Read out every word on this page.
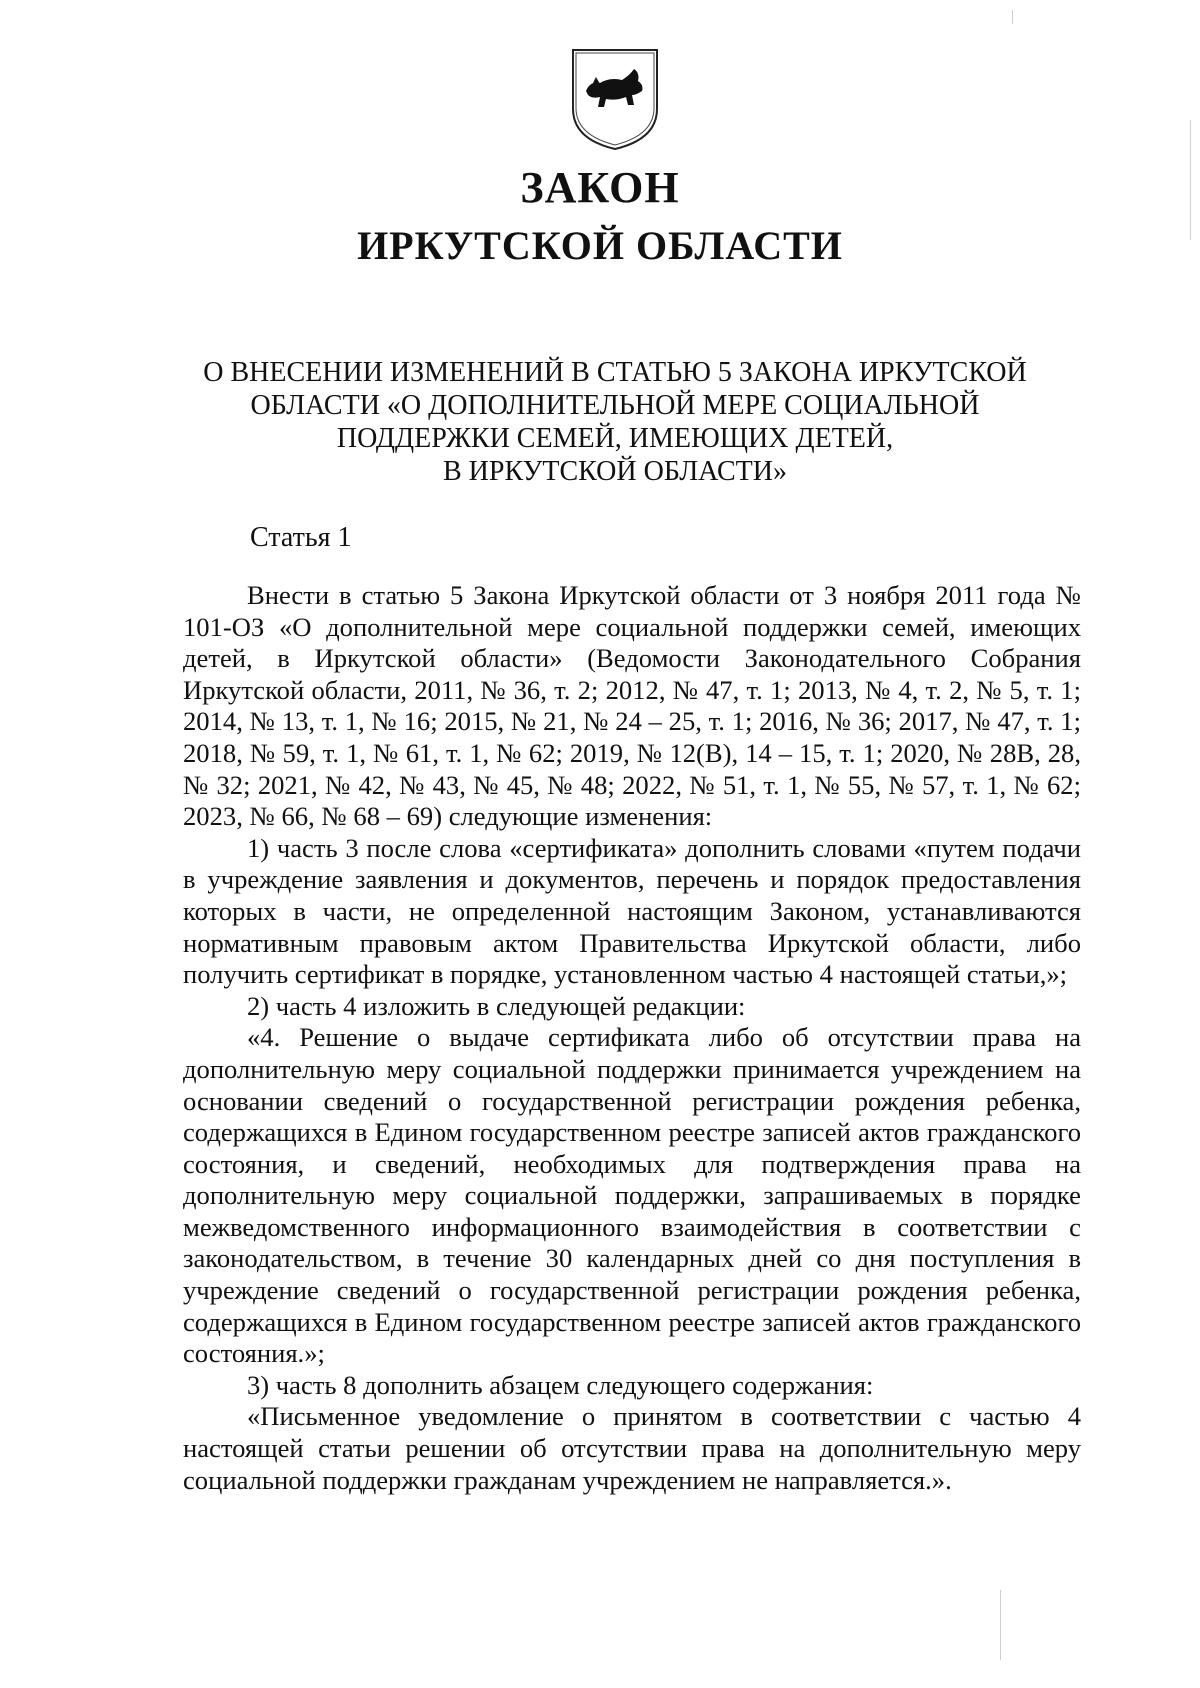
ЗАКОН
ИРКУТСКОЙ ОБЛАСТИ
О ВНЕСЕНИИ ИЗМЕНЕНИЙ В СТАТЬЮ 5 ЗАКОНА ИРКУТСКОЙ
ОБЛАСТИ «О ДОПОЛНИТЕЛЬНОЙ МЕРЕ СОЦИАЛЬНОЙ
ПОДДЕРЖКИ СЕМЕЙ, ИМЕЮЩИХ ДЕТЕЙ,
В ИРКУТСКОЙ ОБЛАСТИ»
Статья 1

Внести в статью 5 Закона Иркутской области от 3 ноября 2011 года № 101-ОЗ «О дополнительной мере социальной поддержки семей, имеющих детей, в Иркутской области» (Ведомости Законодательного Собрания Иркутской области, 2011, № 36, т. 2; 2012, № 47, т. 1; 2013, № 4, т. 2, № 5, т. 1; 2014, № 13, т. 1, № 16; 2015, № 21, № 24 – 25, т. 1; 2016, № 36; 2017, № 47, т. 1; 2018, № 59, т. 1, № 61, т. 1, № 62; 2019, № 12(В), 14 – 15, т. 1; 2020, № 28В, 28, № 32; 2021, № 42, № 43, № 45, № 48; 2022, № 51, т. 1, № 55, № 57, т. 1, № 62; 2023, № 66, № 68 – 69) следующие изменения:

1) часть 3 после слова «сертификата» дополнить словами «путем подачи в учреждение заявления и документов, перечень и порядок предоставления которых в части, не определенной настоящим Законом, устанавливаются нормативным правовым актом Правительства Иркутской области, либо получить сертификат в порядке, установленном частью 4 настоящей статьи,»;

2) часть 4 изложить в следующей редакции:

«4. Решение о выдаче сертификата либо об отсутствии права на дополнительную меру социальной поддержки принимается учреждением на основании сведений о государственной регистрации рождения ребенка, содержащихся в Едином государственном реестре записей актов гражданского состояния, и сведений, необходимых для подтверждения права на дополнительную меру социальной поддержки, запрашиваемых в порядке межведомственного информационного взаимодействия в соответствии с законодательством, в течение 30 календарных дней со дня поступления в учреждение сведений о государственной регистрации рождения ребенка, содержащихся в Едином государственном реестре записей актов гражданского состояния.»;

3) часть 8 дополнить абзацем следующего содержания:

«Письменное уведомление о принятом в соответствии с частью 4 настоящей статьи решении об отсутствии права на дополнительную меру социальной поддержки гражданам учреждением не направляется.».
